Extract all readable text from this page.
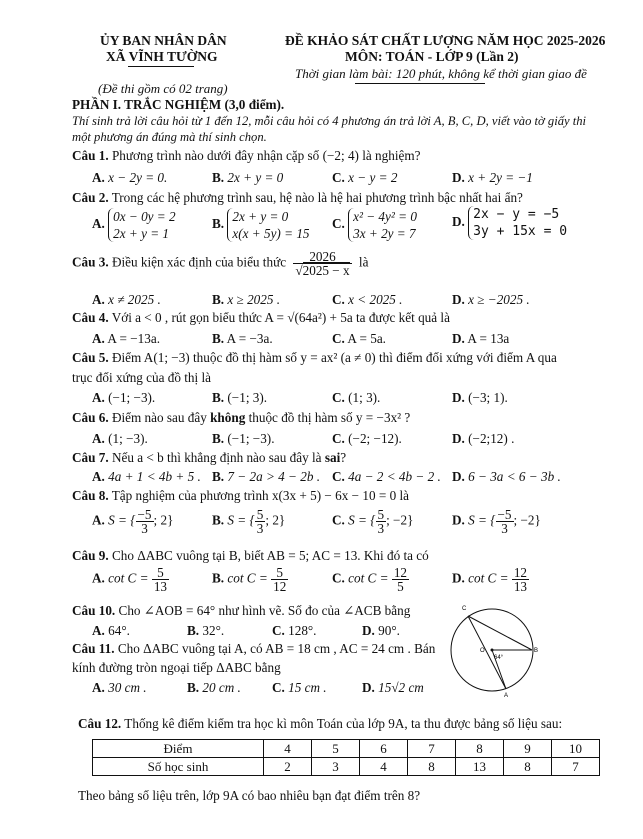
ỦY BAN NHÂN DÂN
XÃ VĨNH TƯỜNG
ĐỀ KHẢO SÁT CHẤT LƯỢNG NĂM HỌC 2025-2026
MÔN: TOÁN - LỚP 9 (Lần 2)
Thời gian làm bài: 120 phút, không kể thời gian giao đề
(Đề thi gồm có 02 trang)
PHẦN I. TRẮC NGHIỆM (3,0 điểm).
Thí sinh trả lời câu hỏi từ 1 đến 12, mỗi câu hỏi có 4 phương án trả lời A, B, C, D, viết vào tờ giấy thi
một phương án đúng mà thí sinh chọn.
Câu 1. Phương trình nào dưới đây nhận cặp số (−2; 4) là nghiệm?
A. x − 2y = 0.	B. 2x + y = 0	C. x − y = 2	D. x + 2y = −1
Câu 2. Trong các hệ phương trình sau, hệ nào là hệ hai phương trình bậc nhất hai ẩn?
A. 0x − 0y = 2
2x + y = 1
B. 2x + y = 0
x(x + 5y) = 15
C. x² − 4y² = 0
3x + 2y = 7
D. 2x − y = −5
3y + 15x = 0
Câu 3. Điều kiện xác định của biểu thức $\frac{2026}{√2025 - x}$ là
A. x ≠ 2025 .	B. x ≥ 2025 .	C. x < 2025 .	D. x ≥ −2025 .
Câu 4. Với a < 0 , rút gọn biểu thức A = √(64a²) + 5a ta được kết quả là
A. A = −13a.	B. A = −3a.	C. A = 5a.	D. A = 13a
Câu 5. Điểm A(1; −3) thuộc đồ thị hàm số y = ax² (a ≠ 0) thì điểm đối xứng với điểm A qua
trục đối xứng của đồ thị là
A. (−1; −3).	B. (−1; 3).	C. (1; 3).	D. (−3; 1).
Câu 6. Điểm nào sau đây không thuộc đồ thị hàm số y = −3x² ?
A. (1; −3).	B. (−1; −3).	C. (−2; −12).	D. (−2;12) .
Câu 7. Nếu a < b thì khẳng định nào sau đây là sai?
A. 4a + 1 < 4b + 5 . B. 7 − 2a > 4 − 2b . C. 4a − 2 < 4b − 2 . D. 6 − 3a < 6 − 3b .
Câu 8. Tập nghiệm của phương trình x(3x + 5) − 6x − 10 = 0 là
A. S = { $\frac{-5}{3}$ ; 2}	B. S = { $\frac{5}{3}$ ; 2}	C. S = { $\frac{5}{3}$ ; −2}	D. S = { $\frac{-5}{3}$ ; −2}
Câu 9. Cho ΔABC vuông tại B, biết AB = 5; AC = 13. Khi đó ta có
A. $\cot C = \frac{5}{13}$	B. $\cot C = \frac{5}{12}$	C. $\cot C = \frac{12}{5}$	D. $\cot C = \frac{12}{13}$
Câu 10. Cho ∠AOB = 64° như hình vẽ. Số đo của ∠ACB bằng
A. 64°.	B. 32°.	C. 128°.	D. 90°.
Câu 11. Cho ΔABC vuông tại A, có AB = 18 cm , AC = 24 cm . Bán
kính đường tròn ngoại tiếp ΔABC bằng
A. 30 cm .	B. 20 cm . C. 15 cm .	D. 15√2 cm
C
O	B
A
64°
Câu 12. Thống kê điểm kiểm tra học kì môn Toán của lớp 9A, ta thu được bảng số liệu sau:
Điểm	4	5	6	7	8	9	10
Số học sinh	2	3	4	8	13	8	7
Theo bảng số liệu trên, lớp 9A có bao nhiêu bạn đạt điểm trên 8?
